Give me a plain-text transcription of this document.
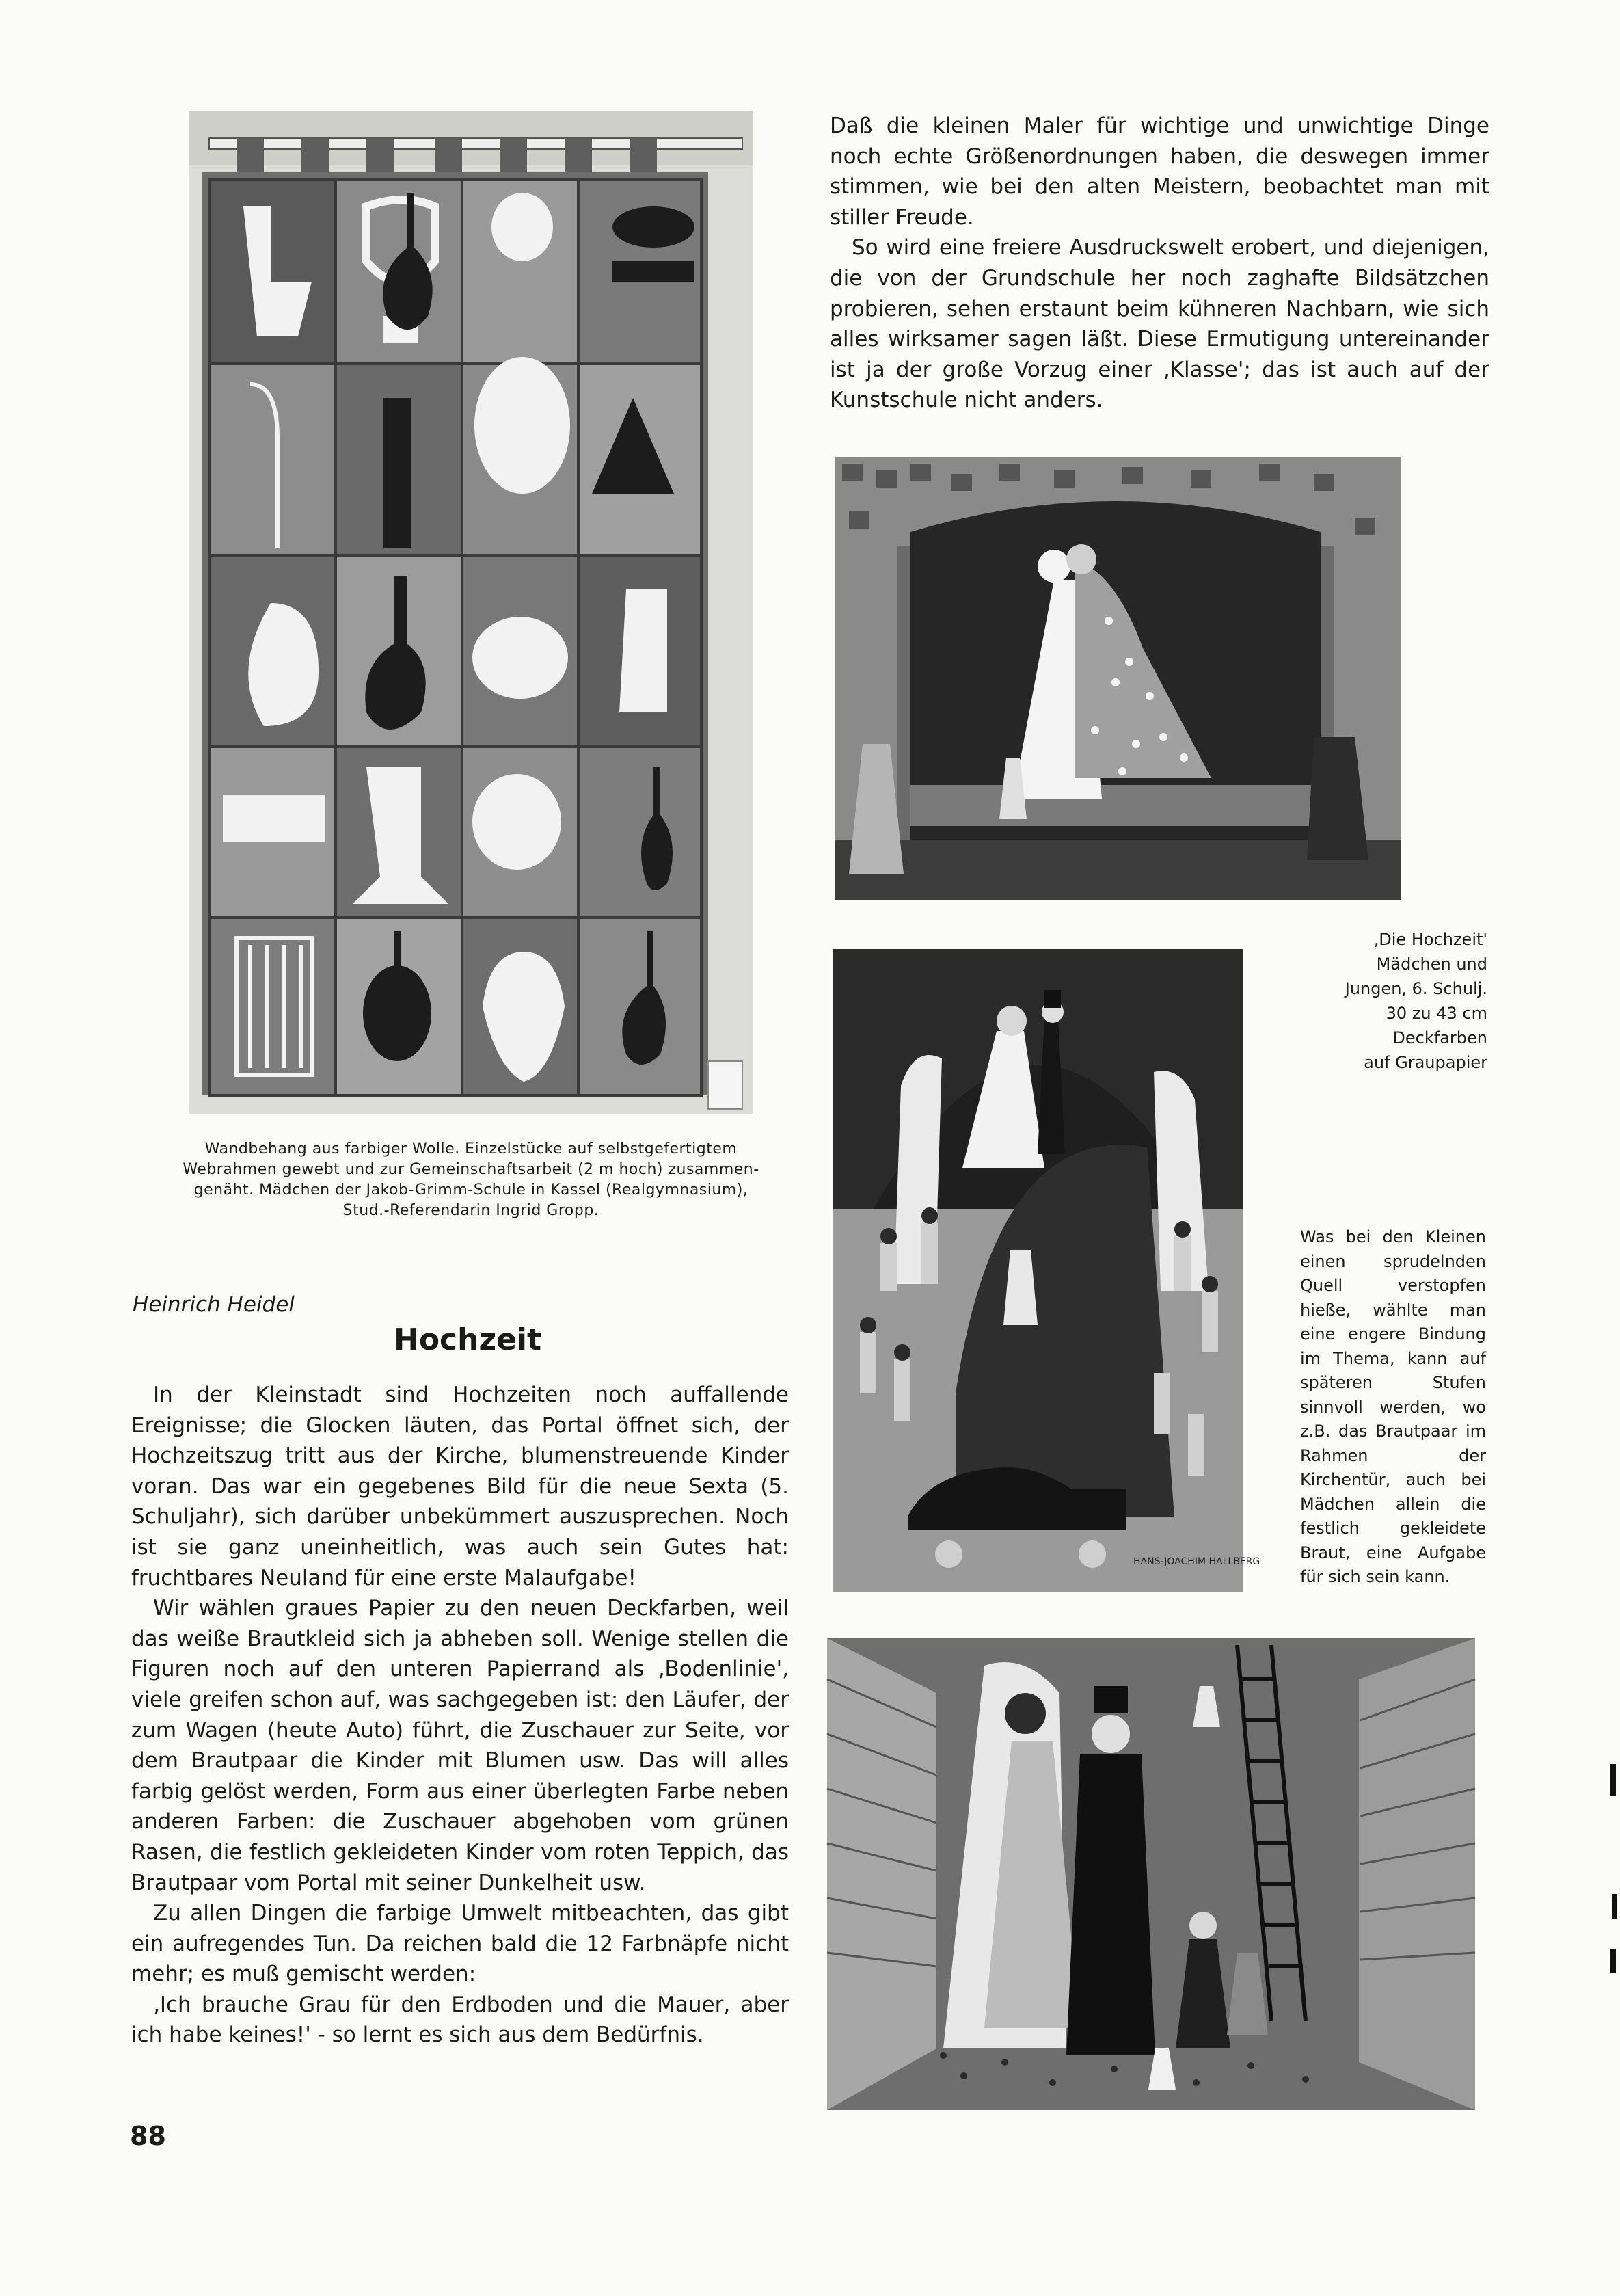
Wandbehang aus farbiger Wolle. Einzelstücke auf selbstgefertigtem

Webrahmen gewebt und zur Gemeinschaftsarbeit (2 m hoch) zusammen-

genäht. Mädchen der Jakob-Grimm-Schule in Kassel (Realgymnasium),

Stud.-Referendarin Ingrid Gropp.

Daß die kleinen Maler für wichtige und unwichtige Dinge noch echte Größenordnungen haben, die deswegen immer stimmen, wie bei den alten Meistern, beobachtet man mit stiller Freude.

So wird eine freiere Ausdruckswelt erobert, und diejenigen, die von der Grundschule her noch zaghafte Bildsätzchen probieren, sehen erstaunt beim kühneren Nachbarn, wie sich alles wirksamer sagen läßt. Diese Ermutigung untereinander ist ja der große Vorzug einer ‚Klasse'; das ist auch auf der Kunstschule nicht anders.

‚Die Hochzeit'

Mädchen und

Jungen, 6. Schulj.

30 zu 43 cm

Deckfarben

auf Graupapier

HANS-JOACHIM HALLBERG

Was bei den Kleinen einen sprudelnden Quell verstopfen hieße, wählte man eine engere Bindung im Thema, kann auf späteren Stufen sinnvoll werden, wo z.B. das Brautpaar im Rahmen der Kirchentür, auch bei Mädchen allein die festlich gekleidete Braut, eine Aufgabe für sich sein kann.

Heinrich Heidel
Hochzeit

In der Kleinstadt sind Hochzeiten noch auffallende Ereignisse; die Glocken läuten, das Portal öffnet sich, der Hochzeitszug tritt aus der Kirche, blumenstreuende Kinder voran. Das war ein gegebenes Bild für die neue Sexta (5. Schuljahr), sich darüber unbekümmert auszusprechen. Noch ist sie ganz uneinheitlich, was auch sein Gutes hat: fruchtbares Neuland für eine erste Malaufgabe!

Wir wählen graues Papier zu den neuen Deckfarben, weil das weiße Brautkleid sich ja abheben soll. Wenige stellen die Figuren noch auf den unteren Papierrand als ‚Bodenlinie', viele greifen schon auf, was sachgegeben ist: den Läufer, der zum Wagen (heute Auto) führt, die Zuschauer zur Seite, vor dem Brautpaar die Kinder mit Blumen usw. Das will alles farbig gelöst werden, Form aus einer überlegten Farbe neben anderen Farben: die Zuschauer abgehoben vom grünen Rasen, die festlich gekleideten Kinder vom roten Teppich, das Brautpaar vom Portal mit seiner Dunkelheit usw.

Zu allen Dingen die farbige Umwelt mitbeachten, das gibt ein aufregendes Tun. Da reichen bald die 12 Farbnäpfe nicht mehr; es muß gemischt werden:

‚Ich brauche Grau für den Erdboden und die Mauer, aber ich habe keines!' - so lernt es sich aus dem Bedürfnis.

88
